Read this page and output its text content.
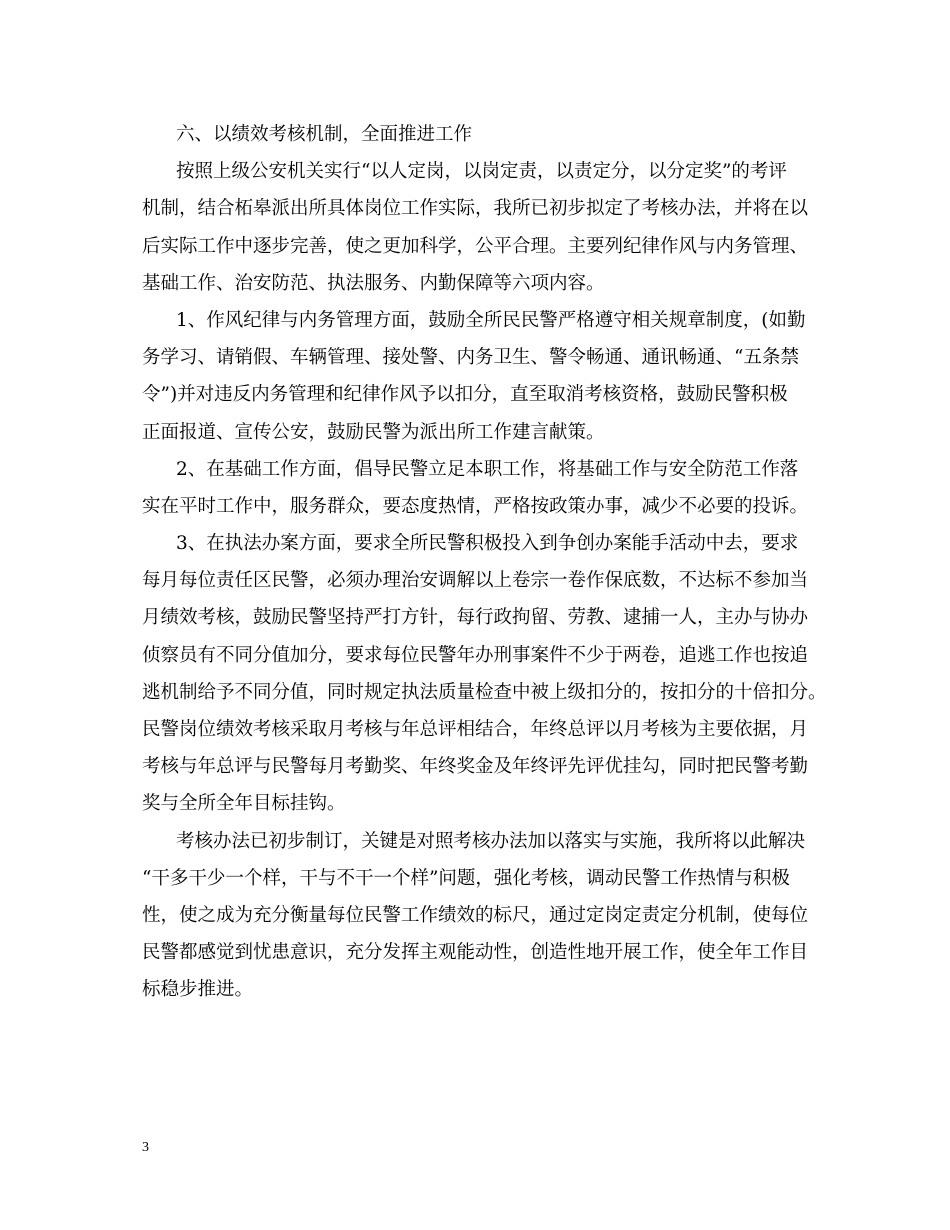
六、以绩效考核机制，全面推进工作

按照上级公安机关实行“以人定岗，以岗定责，以责定分，以分定奖”的考评

机制，结合柘皋派出所具体岗位工作实际，我所已初步拟定了考核办法，并将在以

后实际工作中逐步完善，使之更加科学，公平合理。主要列纪律作风与内务管理、

基础工作、治安防范、执法服务、内勤保障等六项内容。

1、作风纪律与内务管理方面，鼓励全所民民警严格遵守相关规章制度，(如勤

务学习、请销假、车辆管理、接处警、内务卫生、警令畅通、通讯畅通、“五条禁

令”)并对违反内务管理和纪律作风予以扣分，直至取消考核资格，鼓励民警积极

正面报道、宣传公安，鼓励民警为派出所工作建言献策。

2、在基础工作方面，倡导民警立足本职工作，将基础工作与安全防范工作落

实在平时工作中，服务群众，要态度热情，严格按政策办事，减少不必要的投诉。

3、在执法办案方面，要求全所民警积极投入到争创办案能手活动中去，要求

每月每位责任区民警，必须办理治安调解以上卷宗一卷作保底数，不达标不参加当

月绩效考核，鼓励民警坚持严打方针，每行政拘留、劳教、逮捕一人，主办与协办

侦察员有不同分值加分，要求每位民警年办刑事案件不少于两卷，追逃工作也按追

逃机制给予不同分值，同时规定执法质量检查中被上级扣分的，按扣分的十倍扣分。

民警岗位绩效考核采取月考核与年总评相结合，年终总评以月考核为主要依据，月

考核与年总评与民警每月考勤奖、年终奖金及年终评先评优挂勾，同时把民警考勤

奖与全所全年目标挂钩。

考核办法已初步制订，关键是对照考核办法加以落实与实施，我所将以此解决

“干多干少一个样，干与不干一个样”问题，强化考核，调动民警工作热情与积极

性，使之成为充分衡量每位民警工作绩效的标尺，通过定岗定责定分机制，使每位

民警都感觉到忧患意识，充分发挥主观能动性，创造性地开展工作，使全年工作目

标稳步推进。

3
